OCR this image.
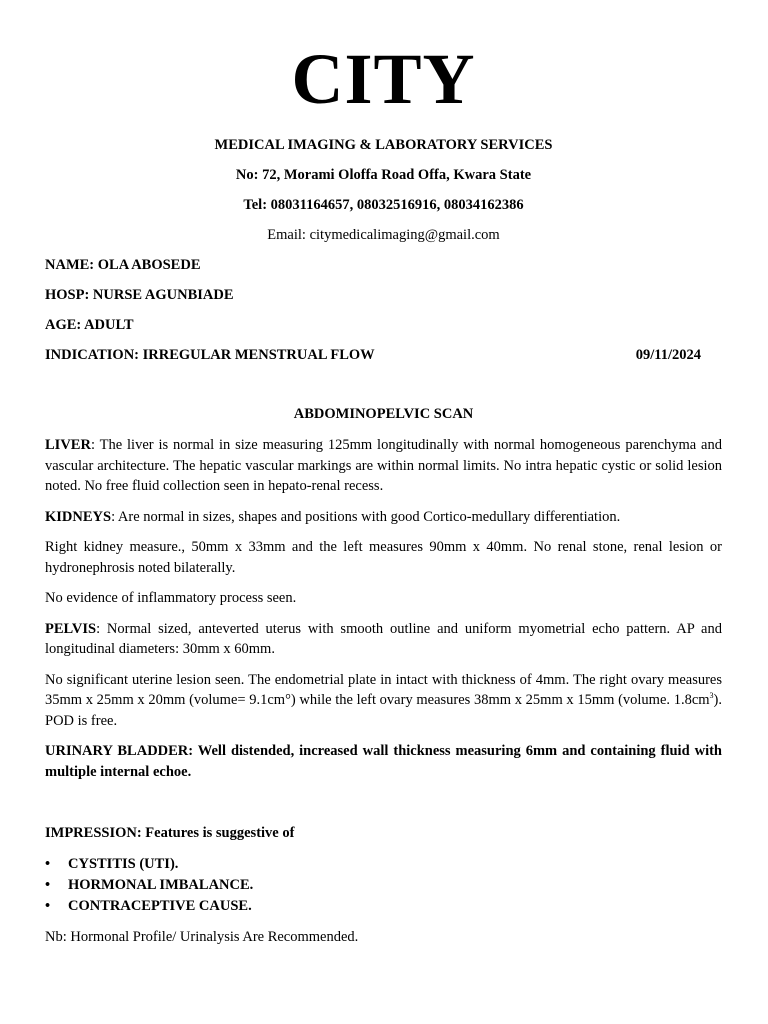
CITY
MEDICAL IMAGING & LABORATORY SERVICES
No: 72, Morami Oloffa Road Offa, Kwara State
Tel: 08031164657, 08032516916, 08034162386
Email: citymedicalimaging@gmail.com
NAME: OLA ABOSEDE
HOSP: NURSE AGUNBIADE
AGE: ADULT
INDICATION: IRREGULAR MENSTRUAL FLOW	09/11/2024
ABDOMINOPELVIC SCAN

LIVER: The liver is normal in size measuring 125mm longitudinally with normal homogeneous parenchyma and vascular architecture. The hepatic vascular markings are within normal limits. No intra hepatic cystic or solid lesion noted. No free fluid collection seen in hepato-renal recess.

KIDNEYS: Are normal in sizes, shapes and positions with good Cortico-medullary differentiation.

Right kidney measure., 50mm x 33mm and the left measures 90mm x 40mm. No renal stone, renal lesion or hydronephrosis noted bilaterally.

No evidence of inflammatory process seen.

PELVIS: Normal sized, anteverted uterus with smooth outline and uniform myometrial echo pattern. AP and longitudinal diameters: 30mm x 60mm.

No significant uterine lesion seen. The endometrial plate in intact with thickness of 4mm. The right ovary measures 35mm x 25mm x 20mm (volume= 9.1cm°) while the left ovary measures 38mm x 25mm x 15mm (volume. $1.8cm^3$). POD is free.

URINARY BLADDER: Well distended, increased wall thickness measuring 6mm and containing fluid with multiple internal echoe.

IMPRESSION: Features is suggestive of
•	CYSTITIS (UTI).
•	HORMONAL IMBALANCE.
•	CONTRACEPTIVE CAUSE.
Nb: Hormonal Profile/ Urinalysis Are Recommended.
